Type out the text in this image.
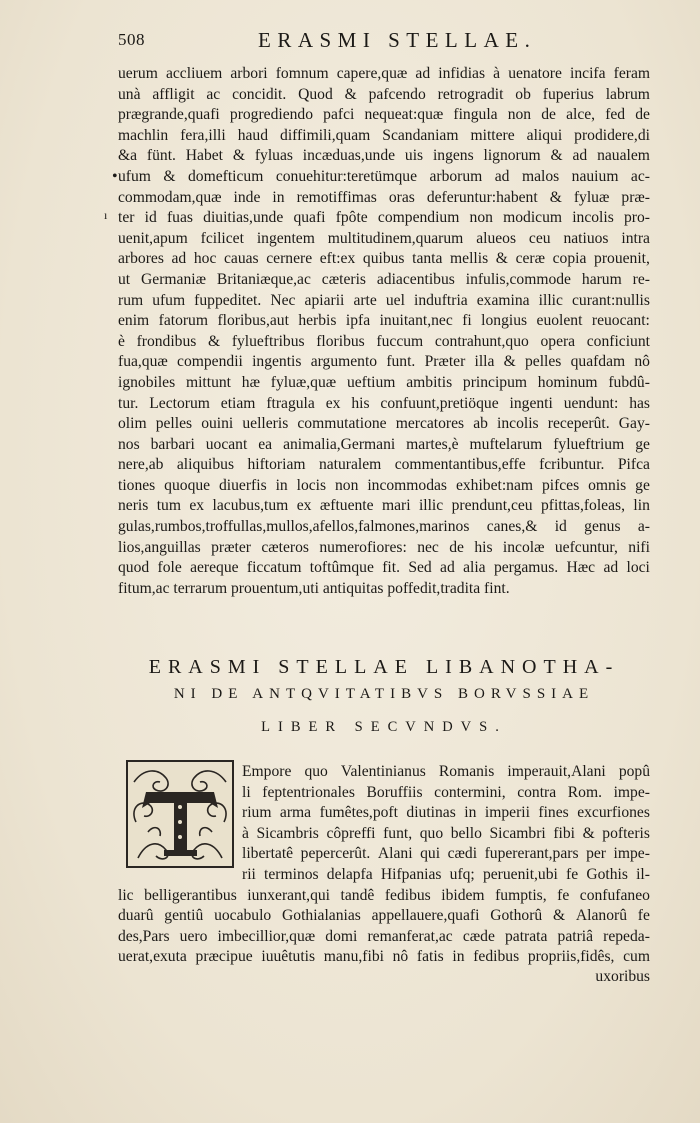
508	ERASMI STELLAE.
uerum accliuem arbori fomnum capere,quæ ad infidias à uenatore incifa feram
unà affligit ac concidit. Quod & pafcendo retrogradit ob fuperius labrum
prægrande,quafi progrediendo pafci nequeat:quæ fingula non de alce, fed de
machlin fera,illi haud diffimili,quam Scandaniam mittere aliqui prodidere,di
&a fünt. Habet & fyluas incæduas,unde uis ingens lignorum & ad naualem
ufum & domefticum conuehitur:teretümque arborum ad malos nauium ac-
commodam,quæ inde in remotiffimas oras deferuntur:habent & fyluæ præ-
ter id fuas diuitias,unde quafi fpôte compendium non modicum incolis pro-
uenit,apum fcilicet ingentem multitudinem,quarum alueos ceu natiuos intra
arbores ad hoc cauas cernere eft:ex quibus tanta mellis & ceræ copia prouenit,
ut Germaniæ Britaniæque,ac cæteris adiacentibus infulis,commode harum re-
rum ufum fuppeditet. Nec apiarii arte uel induftria examina illic curant:nullis
enim fatorum floribus,aut herbis ipfa inuitant,nec fi longius euolent reuocant:
è frondibus & fylueftribus floribus fuccum contrahunt,quo opera conficiunt
fua,quæ compendii ingentis argumento funt. Præter illa & pelles quafdam nô
ignobiles mittunt hæ fyluæ,quæ ueftium ambitis principum hominum fubdû-
tur. Lectorum etiam ftragula ex his confuunt,pretiöque ingenti uendunt: has
olim pelles ouini uelleris commutatione mercatores ab incolis receperût. Gay-
nos barbari uocant ea animalia,Germani martes,è muftelarum fylueftrium ge
nere,ab aliquibus hiftoriam naturalem commentantibus,effe fcribuntur. Pifca
tiones quoque diuerfis in locis non incommodas exhibet:nam pifces omnis ge
neris tum ex lacubus,tum ex æftuente mari illic prendunt,ceu pfittas,foleas, lin
gulas,rumbos,troffullas,mullos,afellos,falmones,marinos canes,& id genus a-
lios,anguillas præter cæteros numerofiores: nec de his incolæ uefcuntur, nifi
quod fole aereque ficcatum toftûmque fit. Sed ad alia pergamus. Hæc ad loci
fitum,ac terrarum prouentum,uti antiquitas poffedit,tradita fint.
ERASMI STELLAE LIBANOTHA-
NI DE ANTQVITATIBVS BORVSSIAE
LIBER SECVNDVS.
Empore quo Valentinianus Romanis imperauit,Alani popû
li feptentrionales Boruffiis contermini, contra Rom. impe-
rium arma fumêtes,poft diutinas in imperii fines excurfiones
à Sicambris côpreffi funt, quo bello Sicambri fibi & pofteris
libertatê pepercerût. Alani qui cædi fupererant,pars per impe-
rii terminos delapfa Hifpanias ufq; peruenit,ubi fe Gothis il-
lic belligerantibus iunxerant,qui tandê fedibus ibidem fumptis, fe confufaneo
duarû gentiû uocabulo Gothialanias appellauere,quafi Gothorû & Alanorû fe
des,Pars uero imbecillior,quæ domi remanferat,ac cæde patrata patriâ repeda-
uerat,exuta præcipue iuuêtutis manu,fibi nô fatis in fedibus propriis,fidês, cum
uxoribus
•
ı
